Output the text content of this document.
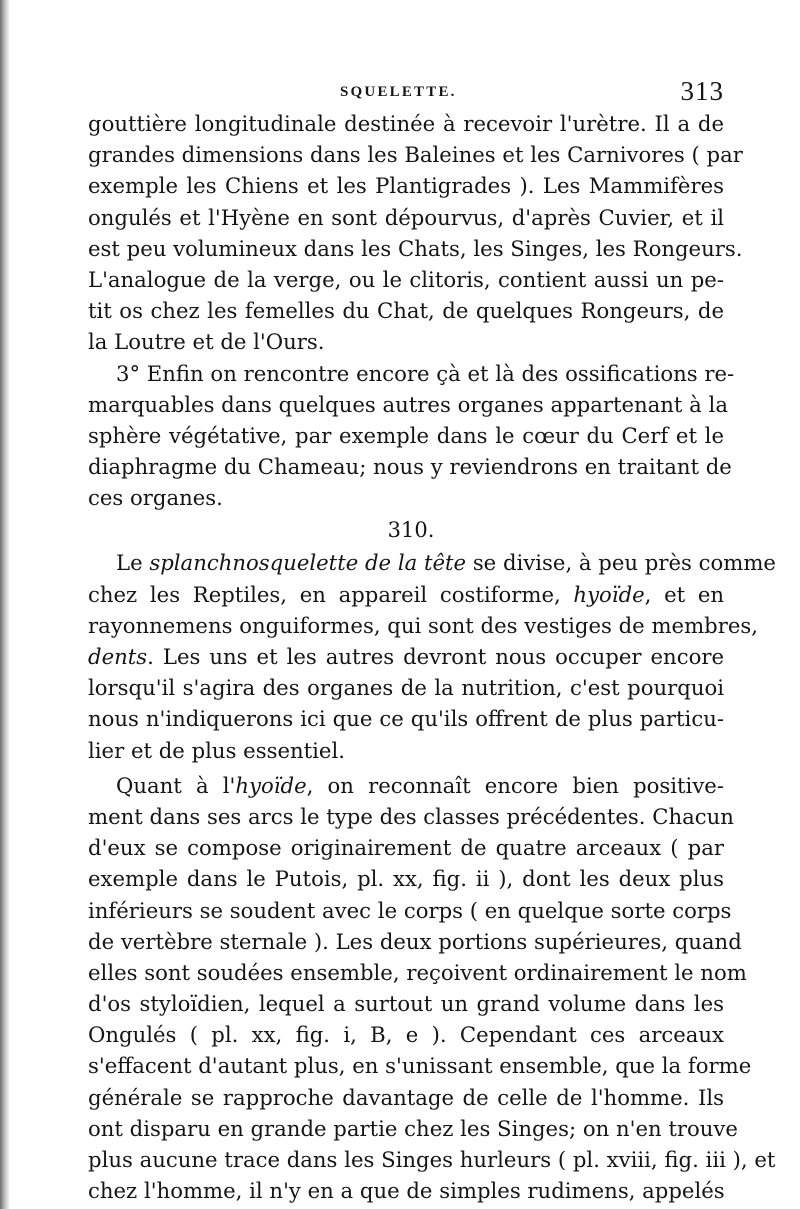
SQUELETTE.	313
gouttière longitudinale destinée à recevoir l'urètre. Il a de
grandes dimensions dans les Baleines et les Carnivores ( par
exemple les Chiens et les Plantigrades ). Les Mammifères
ongulés et l'Hyène en sont dépourvus, d'après Cuvier, et il
est peu volumineux dans les Chats, les Singes, les Rongeurs.
L'analogue de la verge, ou le clitoris, contient aussi un pe-
tit os chez les femelles du Chat, de quelques Rongeurs, de
la Loutre et de l'Ours.
3° Enfin on rencontre encore çà et là des ossifications re-
marquables dans quelques autres organes appartenant à la
sphère végétative, par exemple dans le cœur du Cerf et le
diaphragme du Chameau; nous y reviendrons en traitant de
ces organes.
310.
Le splanchnosquelette de la tête se divise, à peu près comme
chez les Reptiles, en appareil costiforme, hyoïde, et en
rayonnemens onguiformes, qui sont des vestiges de membres,
dents. Les uns et les autres devront nous occuper encore
lorsqu'il s'agira des organes de la nutrition, c'est pourquoi
nous n'indiquerons ici que ce qu'ils offrent de plus particu-
lier et de plus essentiel.
Quant à l'hyoïde, on reconnaît encore bien positive-
ment dans ses arcs le type des classes précédentes. Chacun
d'eux se compose originairement de quatre arceaux ( par
exemple dans le Putois, pl. xx, fig. ii ), dont les deux plus
inférieurs se soudent avec le corps ( en quelque sorte corps
de vertèbre sternale ). Les deux portions supérieures, quand
elles sont soudées ensemble, reçoivent ordinairement le nom
d'os styloïdien, lequel a surtout un grand volume dans les
Ongulés ( pl. xx, fig. i, B, e ). Cependant ces arceaux
s'effacent d'autant plus, en s'unissant ensemble, que la forme
générale se rapproche davantage de celle de l'homme. Ils
ont disparu en grande partie chez les Singes; on n'en trouve
plus aucune trace dans les Singes hurleurs ( pl. xviii, fig. iii ), et
chez l'homme, il n'y en a que de simples rudimens, appelés
